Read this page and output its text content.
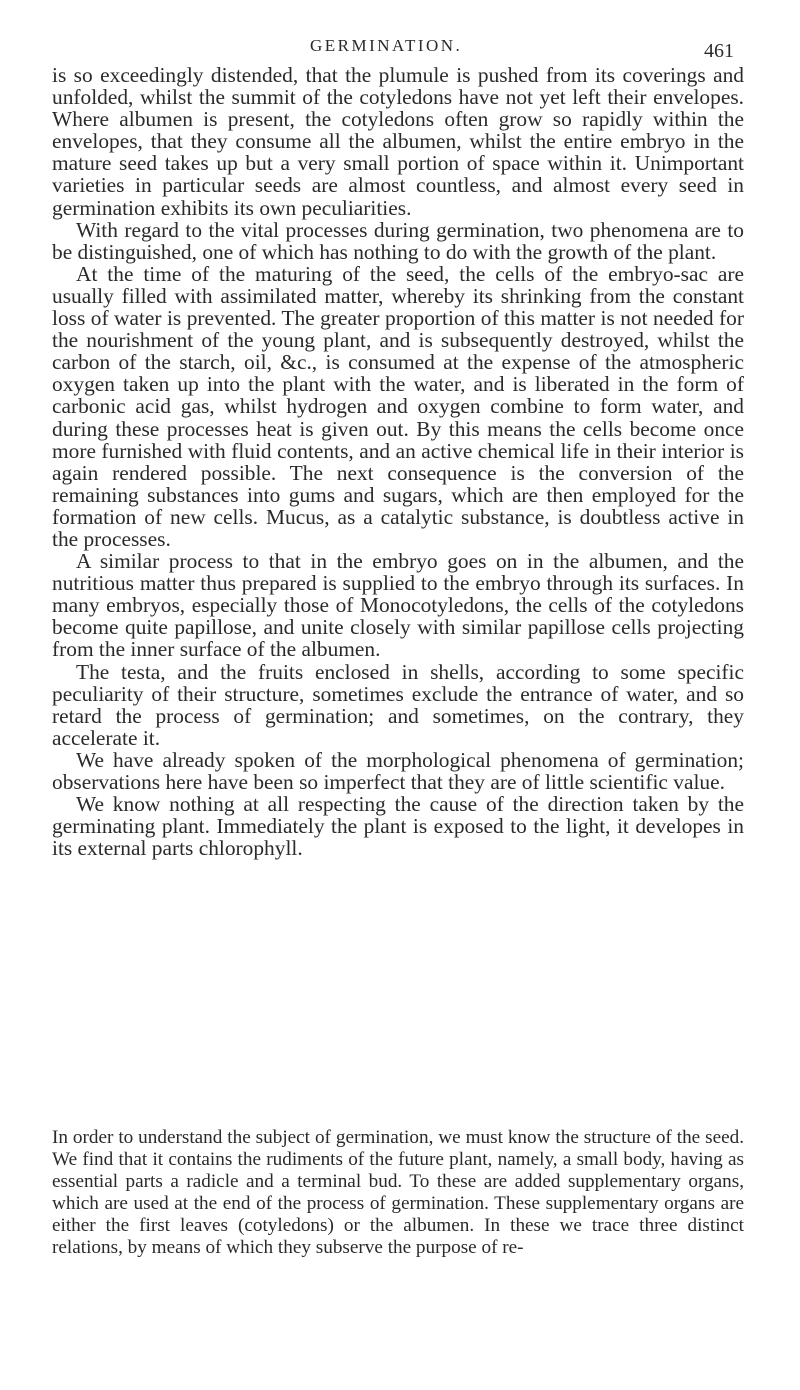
GERMINATION.	461

is so exceedingly distended, that the plumule is pushed from its coverings and unfolded, whilst the summit of the cotyledons have not yet left their envelopes. Where albumen is present, the cotyledons often grow so rapidly within the envelopes, that they consume all the albumen, whilst the entire embryo in the mature seed takes up but a very small portion of space within it. Unimportant varieties in particular seeds are almost countless, and almost every seed in germination exhibits its own peculiarities.

With regard to the vital processes during germination, two phenomena are to be distinguished, one of which has nothing to do with the growth of the plant.

At the time of the maturing of the seed, the cells of the embryo-sac are usually filled with assimilated matter, whereby its shrinking from the constant loss of water is prevented. The greater proportion of this matter is not needed for the nourishment of the young plant, and is subsequently destroyed, whilst the carbon of the starch, oil, &c., is consumed at the expense of the atmospheric oxygen taken up into the plant with the water, and is liberated in the form of carbonic acid gas, whilst hydrogen and oxygen combine to form water, and during these processes heat is given out. By this means the cells become once more furnished with fluid contents, and an active chemical life in their interior is again rendered possible. The next consequence is the conversion of the remaining substances into gums and sugars, which are then employed for the formation of new cells. Mucus, as a catalytic substance, is doubtless active in the processes.

A similar process to that in the embryo goes on in the albumen, and the nutritious matter thus prepared is supplied to the embryo through its surfaces. In many embryos, especially those of Monocotyledons, the cells of the cotyledons become quite papillose, and unite closely with similar papillose cells projecting from the inner surface of the albumen.

The testa, and the fruits enclosed in shells, according to some specific peculiarity of their structure, sometimes exclude the entrance of water, and so retard the process of germination; and sometimes, on the contrary, they accelerate it.

We have already spoken of the morphological phenomena of germination; observations here have been so imperfect that they are of little scientific value.

We know nothing at all respecting the cause of the direction taken by the germinating plant. Immediately the plant is exposed to the light, it developes in its external parts chlorophyll.

In order to understand the subject of germination, we must know the structure of the seed. We find that it contains the rudiments of the future plant, namely, a small body, having as essential parts a radicle and a terminal bud. To these are added supplementary organs, which are used at the end of the process of germination. These supplementary organs are either the first leaves (cotyledons) or the albumen. In these we trace three distinct relations, by means of which they subserve the purpose of re-
